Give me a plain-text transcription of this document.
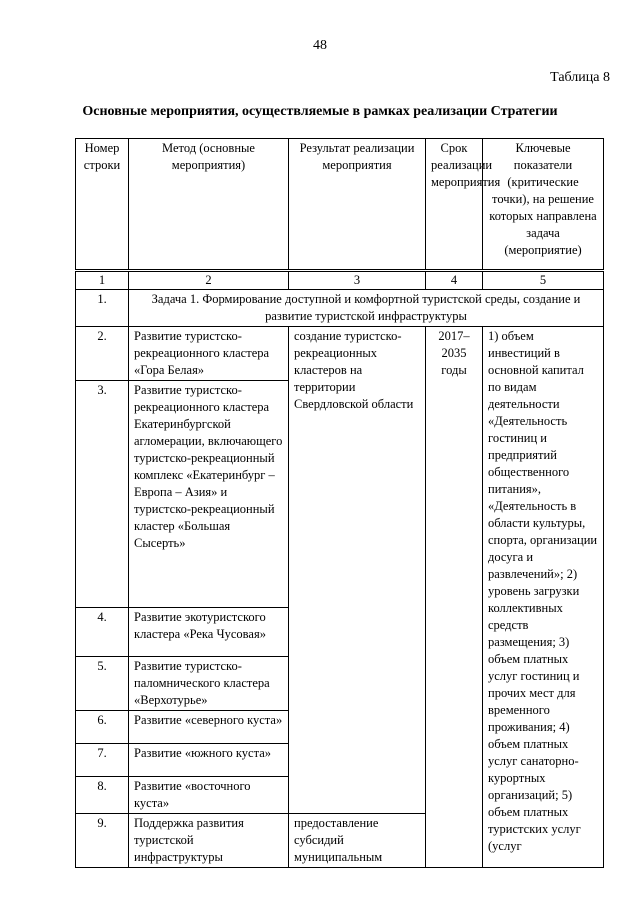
48
Таблица 8
Основные мероприятия, осуществляемые в рамках реализации Стратегии
Номер строки	Метод (основные мероприятия)	Результат реализации мероприятия	Срок реализации мероприятия	Ключевые показатели (критические точки), на решение которых направлена задача (мероприятие)
1	2	3	4	5
1.	Задача 1. Формирование доступной и комфортной туристской среды, создание и развитие туристской инфраструктуры			
2.	Развитие туристско-рекреационного кластера «Гора Белая»	создание туристско-рекреационных кластеров на территории Свердловской области	2017–2035 годы	1) объем инвестиций в основной капитал по видам деятельности «Деятельность гостиниц и предприятий общественного питания», «Деятельность в области культуры, спорта, организации досуга и развлечений»; 2) уровень загрузки коллективных средств размещения; 3) объем платных услуг гостиниц и прочих мест для временного проживания; 4) объем платных услуг санаторно-курортных организаций; 5) объем платных туристских услуг (услуг
3.	Развитие туристско-рекреационного кластера Екатеринбургской агломерации, включающего туристско-рекреационный комплекс «Екатеринбург – Европа – Азия» и туристско-рекреационный кластер «Большая Сысерть»			
4.	Развитие экотуристского кластера «Река Чусовая»			
5.	Развитие туристско-паломнического кластера «Верхотурье»			
6.	Развитие «северного куста»			
7.	Развитие «южного куста»			
8.	Развитие «восточного куста»			
9.	Поддержка развития туристской инфраструктуры	предоставление субсидий муниципальным		
